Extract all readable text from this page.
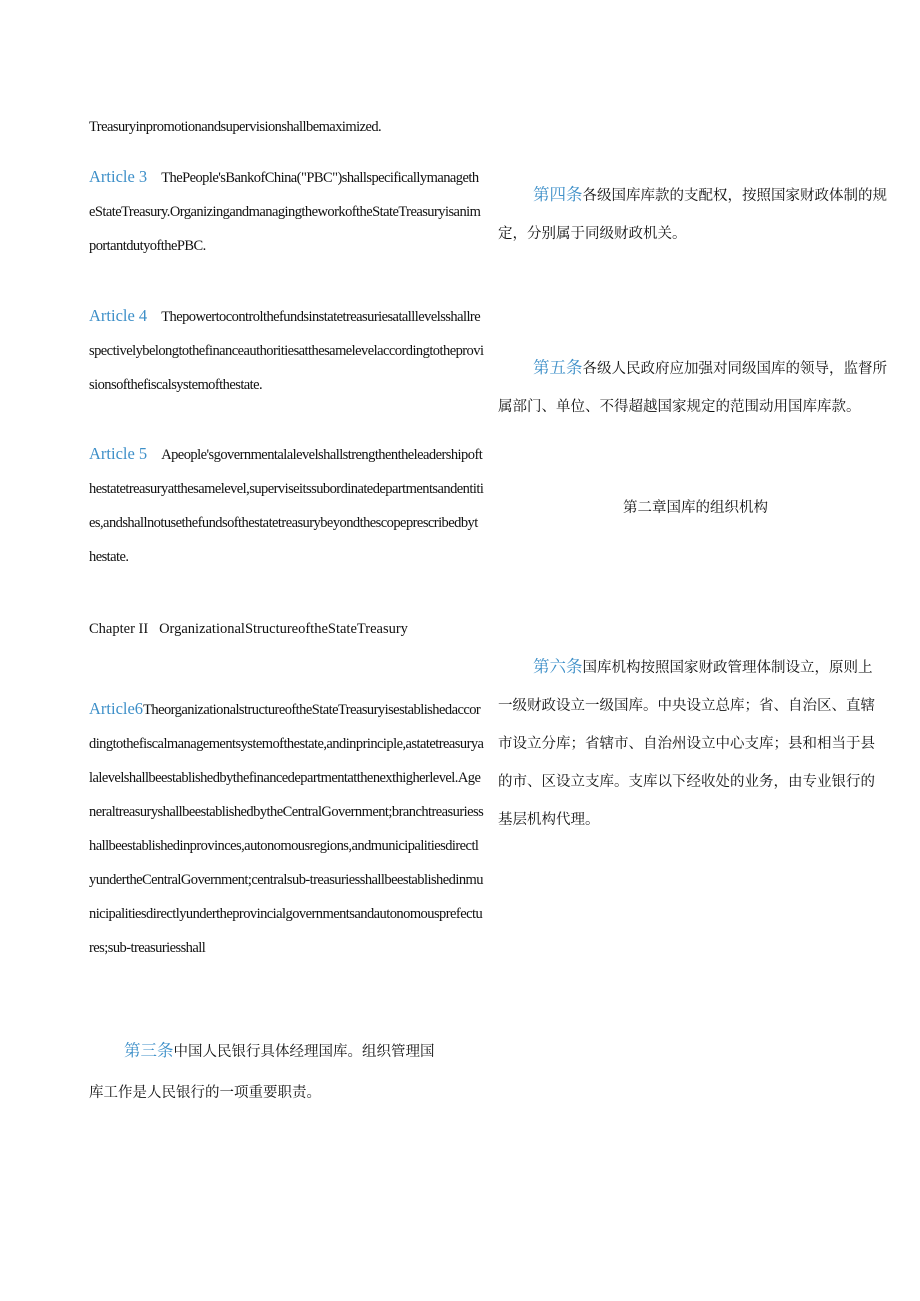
Treasuryinpromotionandsupervisionshallbemaximized.
Article 3 ThePeople'sBankofChina("PBC")shallspecificallymanagetheStateTreasury.OrganizingandmanagingtheworkoftheStateTreasuryisanimportantdutyofthePBC.
Article 4 Thepowertocontrolthefundsinstatetreasuriesatalllevelsshallrespectivelybelongtothefinanceauthoritiesatthesamelevelaccordingtotheprovisionsofthefiscalsystemofthestate.
Article 5 Apeople'sgovernmentalalevelshallstrengthentheleadershipofthestatetreasuryatthesamelevel,superviseitssubordinatedepartmentsandentities,andshallnotusethefundsofthestatetreasurybeyondthescopeprescribedbythestate.
Chapter II OrganizationalStructureoftheStateTreasury
Article6TheorganizationalstructureoftheStateTreasuryisestablishedaccordingtothefiscalmanagementsystemofthestate,andinprinciple,astatetreasuryalalevelshallbeestablishedbythefinancedepartmentatthenexthigherlevel.AgeneraltreasuryshallbeestablishedbytheCentralGovernment;branchtreasuriesshallbeestablishedinprovinces,autonomousregions,andmunicipalitiesdirectlyundertheCentralGovernment;centralsub-treasuriesshallbeestablishedinmunicipalitiesdirectlyundertheprovincialgovernmentsandautonomousprefectures;sub-treasuriesshall
第三条中国人民银行具体经理国库。组织管理国
库工作是人民银行的一项重要职责。
第四条各级国库库款的支配权，按照国家财政体制的规定，分别属于同级财政机关。
第五条各级人民政府应加强对同级国库的领导，监督所属部门、单位、不得超越国家规定的范围动用国库库款。
第二章国库的组织机构
第六条国库机构按照国家财政管理体制设立，原则上一级财政设立一级国库。中央设立总库；省、自治区、直辖市设立分库；省辖市、自治州设立中心支库；县和相当于县的市、区设立支库。支库以下经收处的业务，由专业银行的基层机构代理。
